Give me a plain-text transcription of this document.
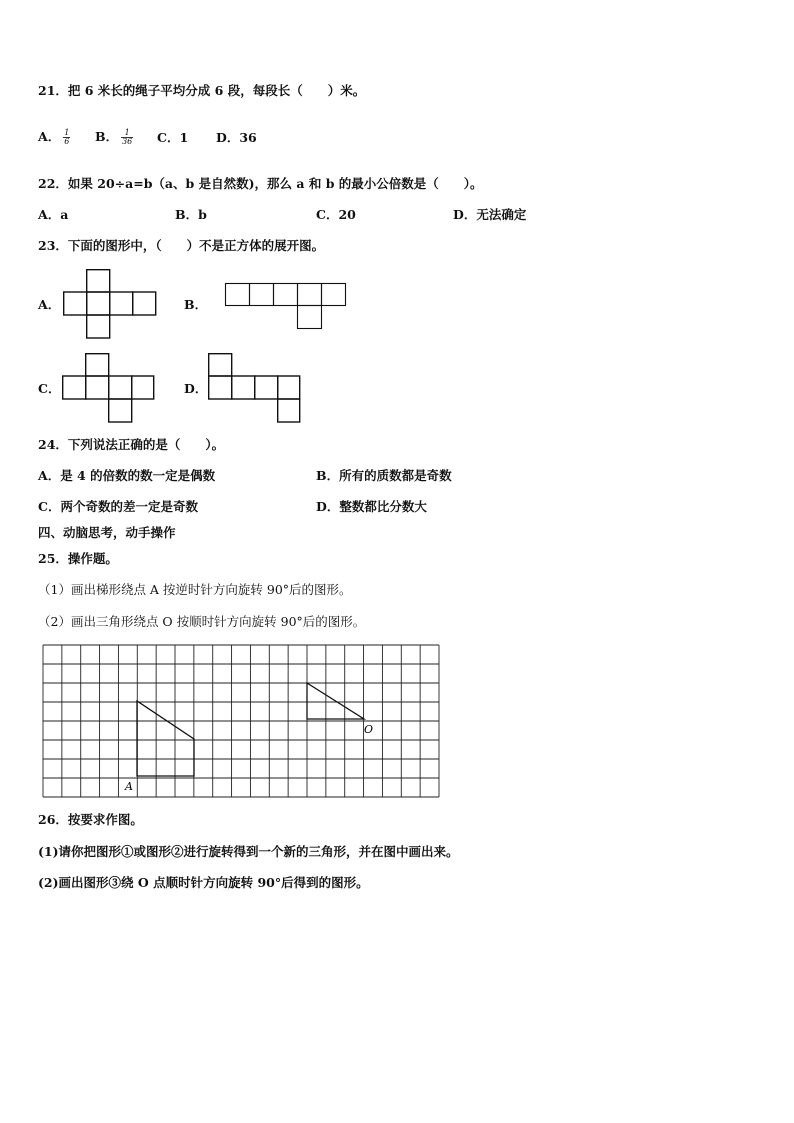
21．把 6 米长的绳子平均分成 6 段，每段长（　　）米。
A． $\frac{1}{6}$ B． $\frac{1}{36}$ C．1 D．36
22．如果 20÷a=b（a、b 是自然数)，那么 a 和 b 的最小公倍数是（　　）。
A．a	B．b	C．20	D．无法确定
23．下面的图形中，（　　）不是正方体的展开图。
A．	B．
C．	D．
24．下列说法正确的是（　　）。
A．是 4 的倍数的数一定是偶数	B．所有的质数都是奇数
C．两个奇数的差一定是奇数	D．整数都比分数大
四、动脑思考，动手操作
25．操作题。
（1）画出梯形绕点 A 按逆时针方向旋转 90°后的图形。
（2）画出三角形绕点 O 按顺时针方向旋转 90°后的图形。
A
O
26．按要求作图。
(1)请你把图形①或图形②进行旋转得到一个新的三角形，并在图中画出来。
(2)画出图形③绕 O 点顺时针方向旋转 90°后得到的图形。
